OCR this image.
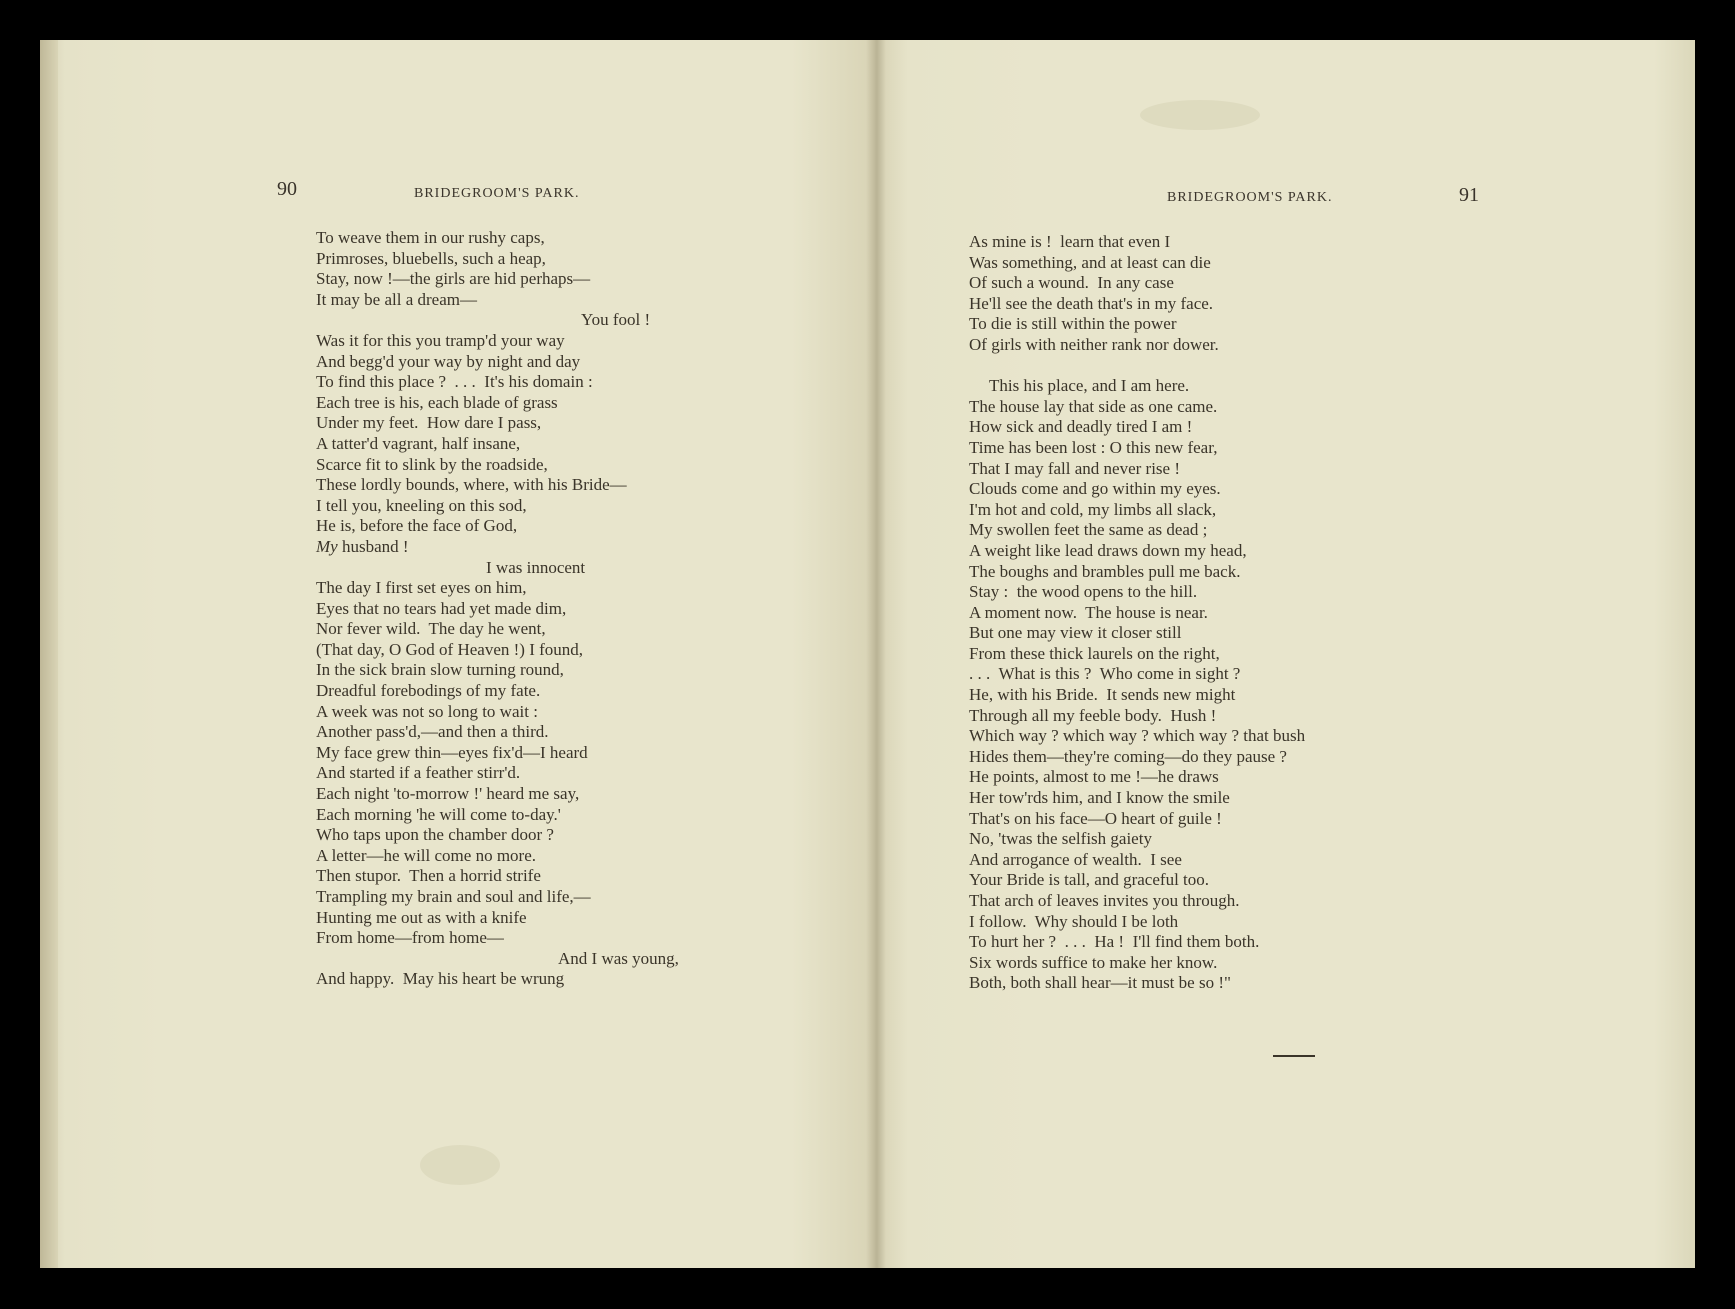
90	BRIDEGROOM'S PARK.	BRIDEGROOM'S PARK.	91
To weave them in our rushy caps,
Primroses, bluebells, such a heap,
Stay, now !—the girls are hid perhaps—
It may be all a dream—
You fool !
Was it for this you tramp'd your way
And begg'd your way by night and day
To find this place ?  . . .  It's his domain :
Each tree is his, each blade of grass
Under my feet.  How dare I pass,
A tatter'd vagrant, half insane,
Scarce fit to slink by the roadside,
These lordly bounds, where, with his Bride—
I tell you, kneeling on this sod,
He is, before the face of God,
My husband !
I was innocent
The day I first set eyes on him,
Eyes that no tears had yet made dim,
Nor fever wild.  The day he went,
(That day, O God of Heaven !) I found,
In the sick brain slow turning round,
Dreadful forebodings of my fate.
A week was not so long to wait :
Another pass'd,—and then a third.
My face grew thin—eyes fix'd—I heard
And started if a feather stirr'd.
Each night 'to-morrow !' heard me say,
Each morning 'he will come to-day.'
Who taps upon the chamber door ?
A letter—he will come no more.
Then stupor.  Then a horrid strife
Trampling my brain and soul and life,—
Hunting me out as with a knife
From home—from home—
And I was young,
And happy.  May his heart be wrung
As mine is !  learn that even I
Was something, and at least can die
Of such a wound.  In any case
He'll see the death that's in my face.
To die is still within the power
Of girls with neither rank nor dower.
This his place, and I am here.
The house lay that side as one came.
How sick and deadly tired I am !
Time has been lost : O this new fear,
That I may fall and never rise !
Clouds come and go within my eyes.
I'm hot and cold, my limbs all slack,
My swollen feet the same as dead ;
A weight like lead draws down my head,
The boughs and brambles pull me back.
Stay :  the wood opens to the hill.
A moment now.  The house is near.
But one may view it closer still
From these thick laurels on the right,
. . .  What is this ?  Who come in sight ?
He, with his Bride.  It sends new might
Through all my feeble body.  Hush !
Which way ? which way ? which way ? that bush
Hides them—they're coming—do they pause ?
He points, almost to me !—he draws
Her tow'rds him, and I know the smile
That's on his face—O heart of guile !
No, 'twas the selfish gaiety
And arrogance of wealth.  I see
Your Bride is tall, and graceful too.
That arch of leaves invites you through.
I follow.  Why should I be loth
To hurt her ?  . . .  Ha !  I'll find them both.
Six words suffice to make her know.
Both, both shall hear—it must be so !"
